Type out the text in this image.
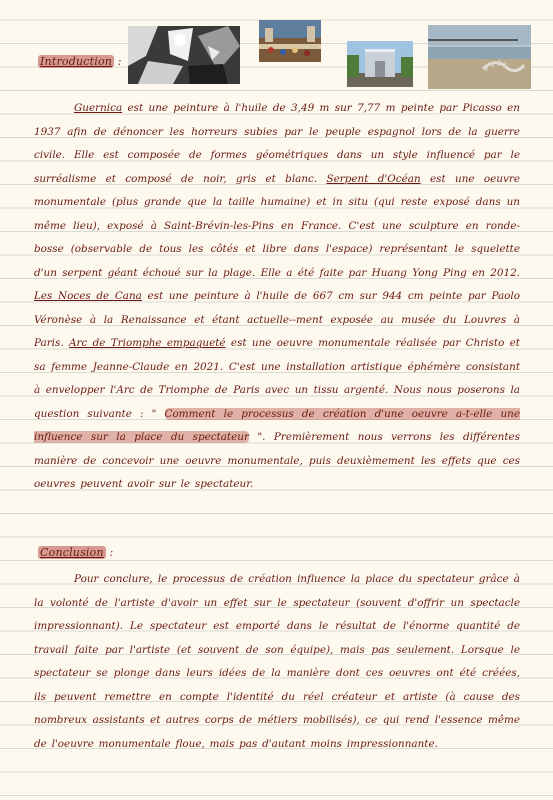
Introduction :
Guernica est une peinture à l'huile de 3,49 m sur 7,77 m peinte par Picasso en 1937 afin de dénoncer les horreurs subies par le peuple espagnol lors de la guerre civile. Elle est composée de formes géométriques dans un style influencé par le surréalisme et composé de noir, gris et blanc. Serpent d'Océan est une oeuvre monumentale (plus grande que la taille humaine) et in situ (qui reste exposé dans un même lieu), exposé à Saint-Brévin-les-Pins en France. C'est une sculpture en ronde-bosse (observable de tous les côtés et libre dans l'espace) représentant le squelette d'un serpent géant échoué sur la plage. Elle a été faite par Huang Yong Ping en 2012. Les Noces de Cana est une peinture à l'huile de 667 cm sur 944 cm peinte par Paolo Véronèse à la Renaissance et étant actuelle--ment exposée au musée du Louvres à Paris. Arc de Triomphe empaqueté est une oeuvre monumentale réalisée par Christo et sa femme Jeanne-Claude en 2021. C'est une installation artistique éphémère consistant à envelopper l'Arc de Triomphe de Paris avec un tissu argenté. Nous nous poserons la question suivante : " Comment le processus de création d'une oeuvre a-t-elle une influence sur la place du spectateur ". Premièrement nous verrons les différentes manière de concevoir une oeuvre monumentale, puis deuxièmement les effets que ces oeuvres peuvent avoir sur le spectateur.
Conclusion :
Pour conclure, le processus de création influence la place du spectateur grâce à la volonté de l'artiste d'avoir un effet sur le spectateur (souvent d'offrir un spectacle impressionnant). Le spectateur est emporté dans le résultat de l'énorme quantité de travail faite par l'artiste (et souvent de son équipe), mais pas seulement. Lorsque le spectateur se plonge dans leurs idées de la manière dont ces oeuvres ont été créées, ils peuvent remettre en compte l'identité du réel créateur et artiste (à cause des nombreux assistants et autres corps de métiers mobilisés), ce qui rend l'essence même de l'oeuvre monumentale floue, mais pas d'autant moins impressionnante.
